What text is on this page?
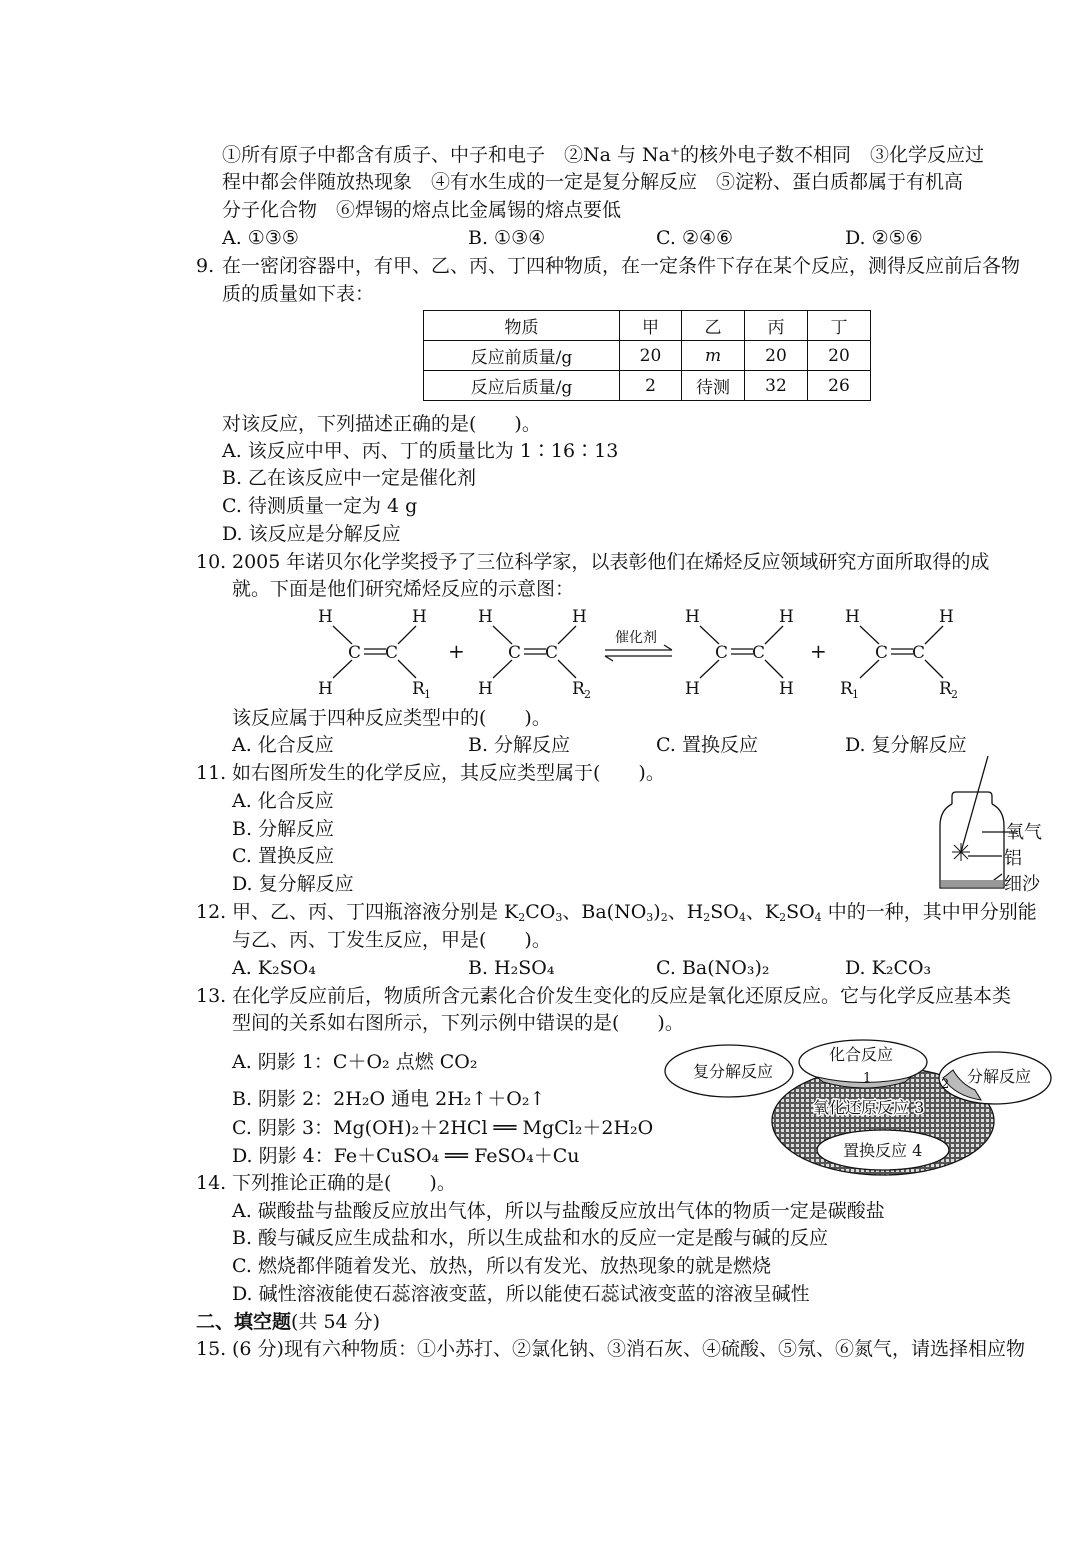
①所有原子中都含有质子、中子和电子　②Na 与 Na⁺的核外电子数不相同　③化学反应过
程中都会伴随放热现象　④有水生成的一定是复分解反应　⑤淀粉、蛋白质都属于有机高
分子化合物　⑥焊锡的熔点比金属锡的熔点要低
A. ①③⑤	B. ①③④	C. ②④⑥	D. ②⑤⑥
9. 在一密闭容器中，有甲、乙、丙、丁四种物质，在一定条件下存在某个反应，测得反应前后各物
质的质量如下表：
物质	甲	乙	丙	丁
反应前质量/g	20	m	20	20
反应后质量/g	2	待测	32	26
对该反应，下列描述正确的是(　　)。
A. 该反应中甲、丙、丁的质量比为 1∶16∶13
B. 乙在该反应中一定是催化剂
C. 待测质量一定为 4 g
D. 该反应是分解反应
10. 2005 年诺贝尔化学奖授予了三位科学家，以表彰他们在烯烃反应领域研究方面所取得的成
就。下面是他们研究烯烃反应的示意图：
H	H
C C
H	R 1
+
H	H
C C
H	R 2
催化剂
H	H
C C
H	H
+
H	H
C C
R 1	R 2
该反应属于四种反应类型中的(　　)。
A. 化合反应	B. 分解反应	C. 置换反应	D. 复分解反应
11. 如右图所发生的化学反应，其反应类型属于(　　)。
A. 化合反应
B. 分解反应
C. 置换反应
D. 复分解反应
氧气
铝
细沙
12. 甲、乙、丙、丁四瓶溶液分别是 $K_2CO_3$、$Ba(NO_3)_2$、$H_2SO_4$、$K_2SO_4$ 中的一种，其中甲分别能
与乙、丙、丁发生反应，甲是(　　)。
A. K₂SO₄	B. H₂SO₄	C. Ba(NO₃)₂	D. K₂CO₃
13. 在化学反应前后，物质所含元素化合价发生变化的反应是氧化还原反应。它与化学反应基本类
型间的关系如右图所示，下列示例中错误的是(　　)。
A. 阴影 1：C＋O₂ 点燃 CO₂
B. 阴影 2：2H₂O 通电 2H₂↑＋O₂↑
C. 阴影 3：Mg(OH)₂＋2HCl ══ MgCl₂＋2H₂O
D. 阴影 4：Fe＋CuSO₄ ══ FeSO₄＋Cu
复分解反应
化合反应
分解反应
氧化还原反应 3
置换反应 4
1	2
14. 下列推论正确的是(　　)。
A. 碳酸盐与盐酸反应放出气体，所以与盐酸反应放出气体的物质一定是碳酸盐
B. 酸与碱反应生成盐和水，所以生成盐和水的反应一定是酸与碱的反应
C. 燃烧都伴随着发光、放热，所以有发光、放热现象的就是燃烧
D. 碱性溶液能使石蕊溶液变蓝，所以能使石蕊试液变蓝的溶液呈碱性
二、填空题(共 54 分)
15. (6 分)现有六种物质：①小苏打、②氯化钠、③消石灰、④硫酸、⑤氖、⑥氮气，请选择相应物
